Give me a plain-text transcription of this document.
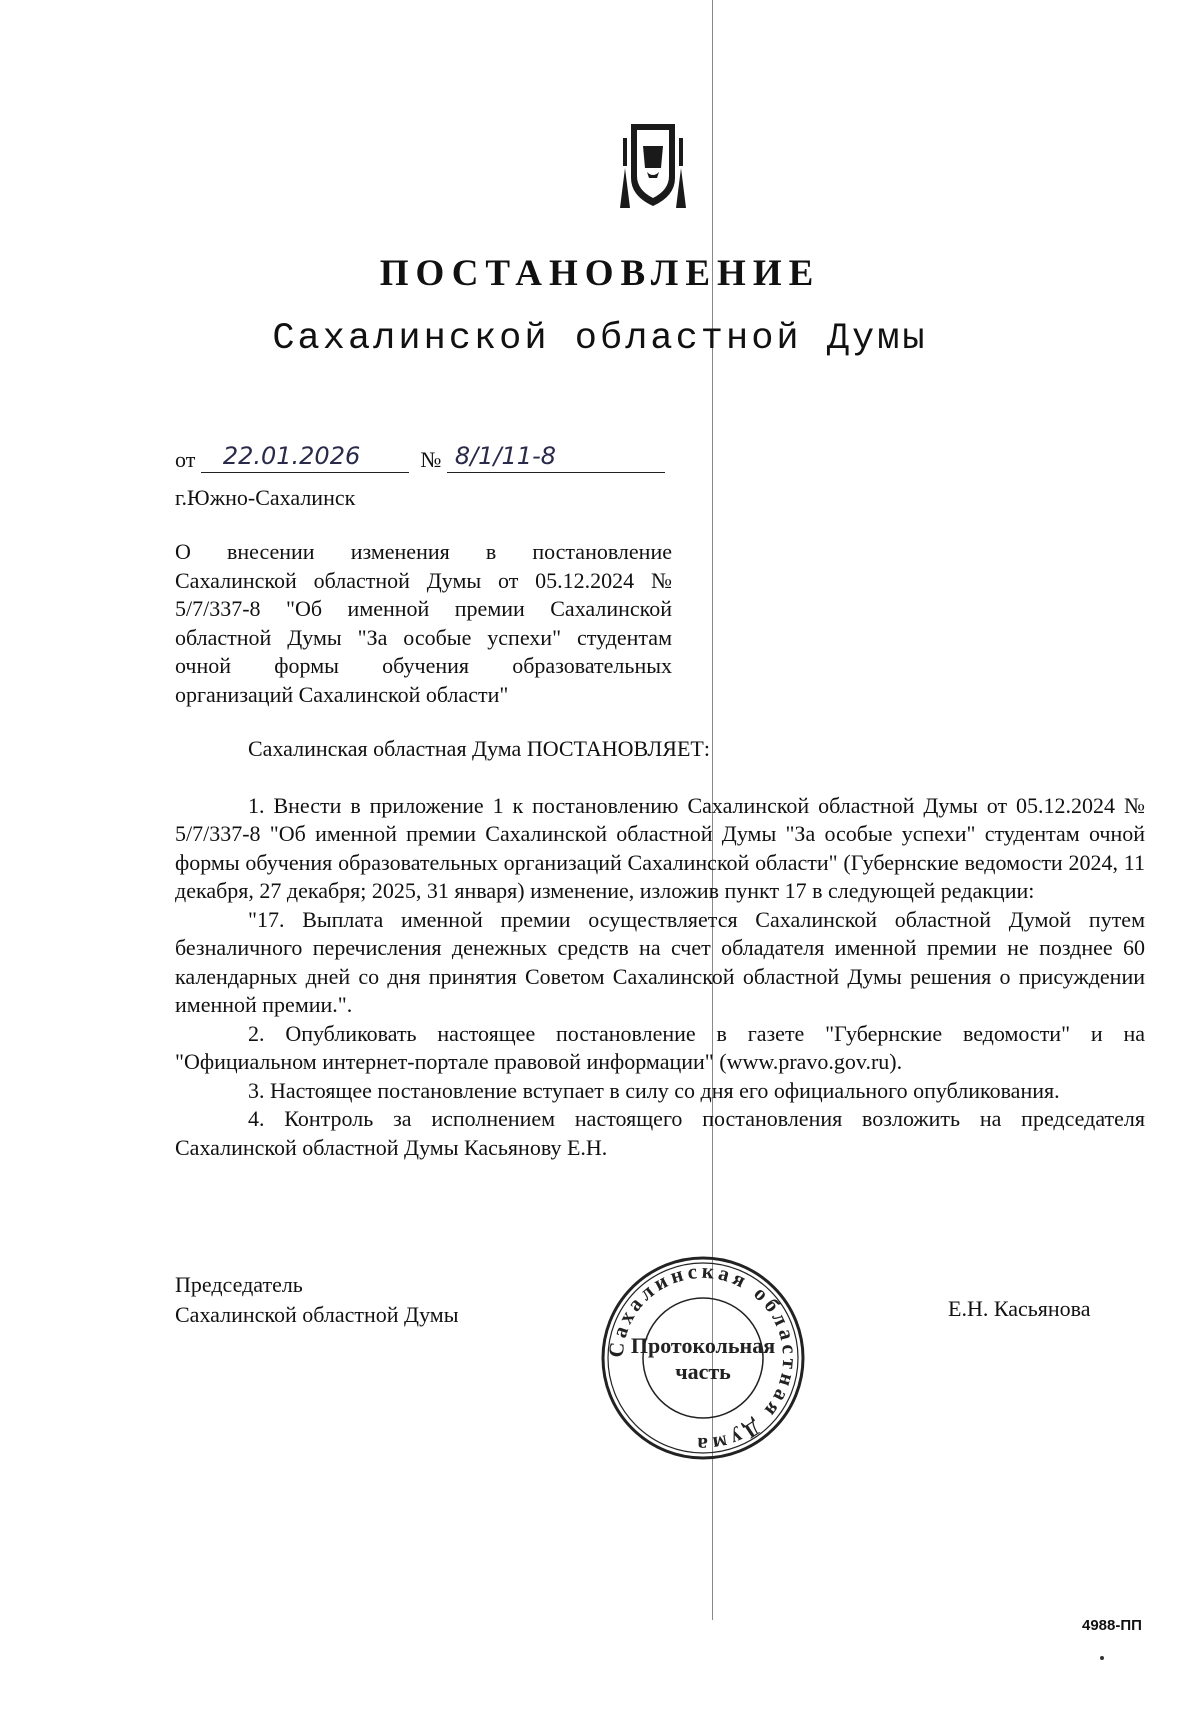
ПОСТАНОВЛЕНИЕ
Сахалинской областной Думы
от 22.01.2026	№ 8/1/11-8
г.Южно-Сахалинск
О внесении изменения в постановление Сахалинской областной Думы от 05.12.2024 № 5/7/337-8 "Об именной премии Сахалинской областной Думы "За особые успехи" студентам очной формы обучения образовательных организаций Сахалинской области"

Сахалинская областная Дума ПОСТАНОВЛЯЕТ:

1. Внести в приложение 1 к постановлению Сахалинской областной Думы от 05.12.2024 № 5/7/337-8 "Об именной премии Сахалинской областной Думы "За особые успехи" студентам очной формы обучения образовательных организаций Сахалинской области" (Губернские ведомости 2024, 11 декабря, 27 декабря; 2025, 31 января) изменение, изложив пункт 17 в следующей редакции:

"17. Выплата именной премии осуществляется Сахалинской областной Думой путем безналичного перечисления денежных средств на счет обладателя именной премии не позднее 60 календарных дней со дня принятия Советом Сахалинской областной Думы решения о присуждении именной премии.".

2. Опубликовать настоящее постановление в газете "Губернские ведомости" и на "Официальном интернет-портале правовой информации" (www.pravo.gov.ru).

3. Настоящее постановление вступает в силу со дня его официального опубликования.

4. Контроль за исполнением настоящего постановления возложить на председателя Сахалинской областной Думы Касьянову Е.Н.

Председатель
Сахалинской областной Думы	Е.Н. Касьянова
Сахалинская областная Дума
Протокольная
часть
4988-ПП
